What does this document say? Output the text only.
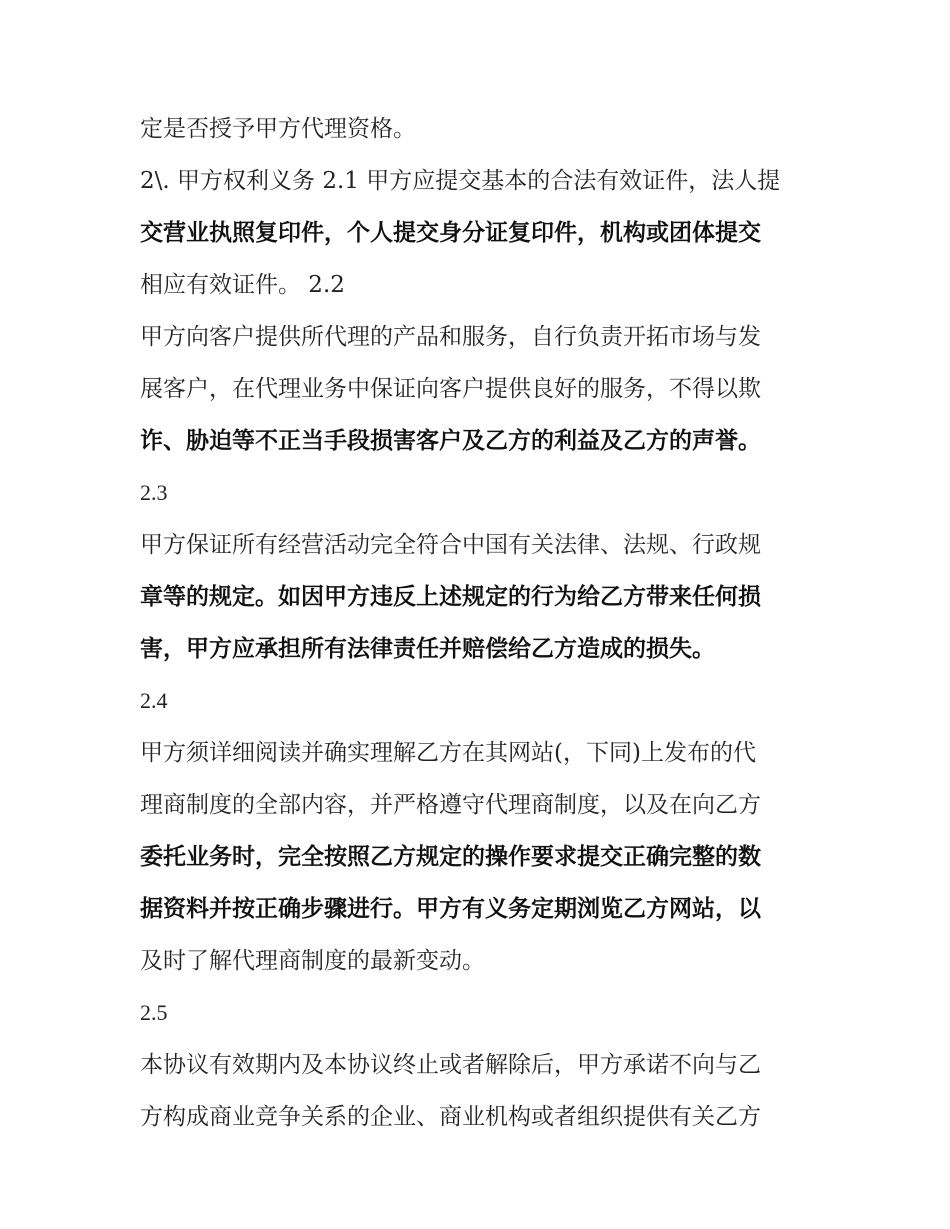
定是否授予甲方代理资格。
2\. 甲方权利义务 2.1 甲方应提交基本的合法有效证件，法人提
交营业执照复印件，个人提交身分证复印件，机构或团体提交
相应有效证件。 2.2
甲方向客户提供所代理的产品和服务，自行负责开拓市场与发
展客户，在代理业务中保证向客户提供良好的服务，不得以欺
诈、胁迫等不正当手段损害客户及乙方的利益及乙方的声誉。
2.3
甲方保证所有经营活动完全符合中国有关法律、法规、行政规
章等的规定。如因甲方违反上述规定的行为给乙方带来任何损
害，甲方应承担所有法律责任并赔偿给乙方造成的损失。
2.4
甲方须详细阅读并确实理解乙方在其网站(，下同)上发布的代
理商制度的全部内容，并严格遵守代理商制度，以及在向乙方
委托业务时，完全按照乙方规定的操作要求提交正确完整的数
据资料并按正确步骤进行。甲方有义务定期浏览乙方网站，以
及时了解代理商制度的最新变动。
2.5
本协议有效期内及本协议终止或者解除后，甲方承诺不向与乙
方构成商业竞争关系的企业、商业机构或者组织提供有关乙方
